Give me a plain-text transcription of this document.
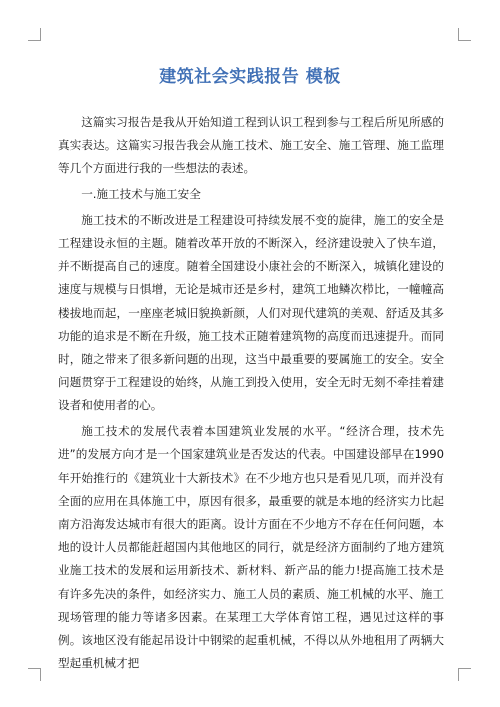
建筑社会实践报告 模板

这篇实习报告是我从开始知道工程到认识工程到参与工程后所见所感的真实表达。这篇实习报告我会从施工技术、施工安全、施工管理、施工监理等几个方面进行我的一些想法的表述。

一.施工技术与施工安全

施工技术的不断改进是工程建设可持续发展不变的旋律，施工的安全是工程建设永恒的主题。随着改革开放的不断深入，经济建设驶入了快车道，并不断提高自己的速度。随着全国建设小康社会的不断深入，城镇化建设的速度与规模与日惧增，无论是城市还是乡村，建筑工地鳞次栉比，一幢幢高楼拔地而起，一座座老城旧貌换新颜，人们对现代建筑的美观、舒适及其多功能的追求是不断在升级，施工技术正随着建筑物的高度而迅速提升。而同时，随之带来了很多新问题的出现，这当中最重要的要属施工的安全。安全问题贯穿于工程建设的始终，从施工到投入使用，安全无时无刻不牵挂着建设者和使用者的心。

施工技术的发展代表着本国建筑业发展的水平。“经济合理，技术先进”的发展方向才是一个国家建筑业是否发达的代表。中国建设部早在1990年开始推行的《建筑业十大新技术》在不少地方也只是看见几项，而并没有全面的应用在具体施工中，原因有很多，最重要的就是本地的经济实力比起南方沿海发达城市有很大的距离。设计方面在不少地方不存在任何问题，本地的设计人员都能赶超国内其他地区的同行，就是经济方面制约了地方建筑业施工技术的发展和运用新技术、新材料、新产品的能力!提高施工技术是有许多先决的条件，如经济实力、施工人员的素质、施工机械的水平、施工现场管理的能力等诸多因素。在某理工大学体育馆工程，遇见过这样的事例。该地区没有能起吊设计中钢梁的起重机械，不得以从外地租用了两辆大型起重机械才把
